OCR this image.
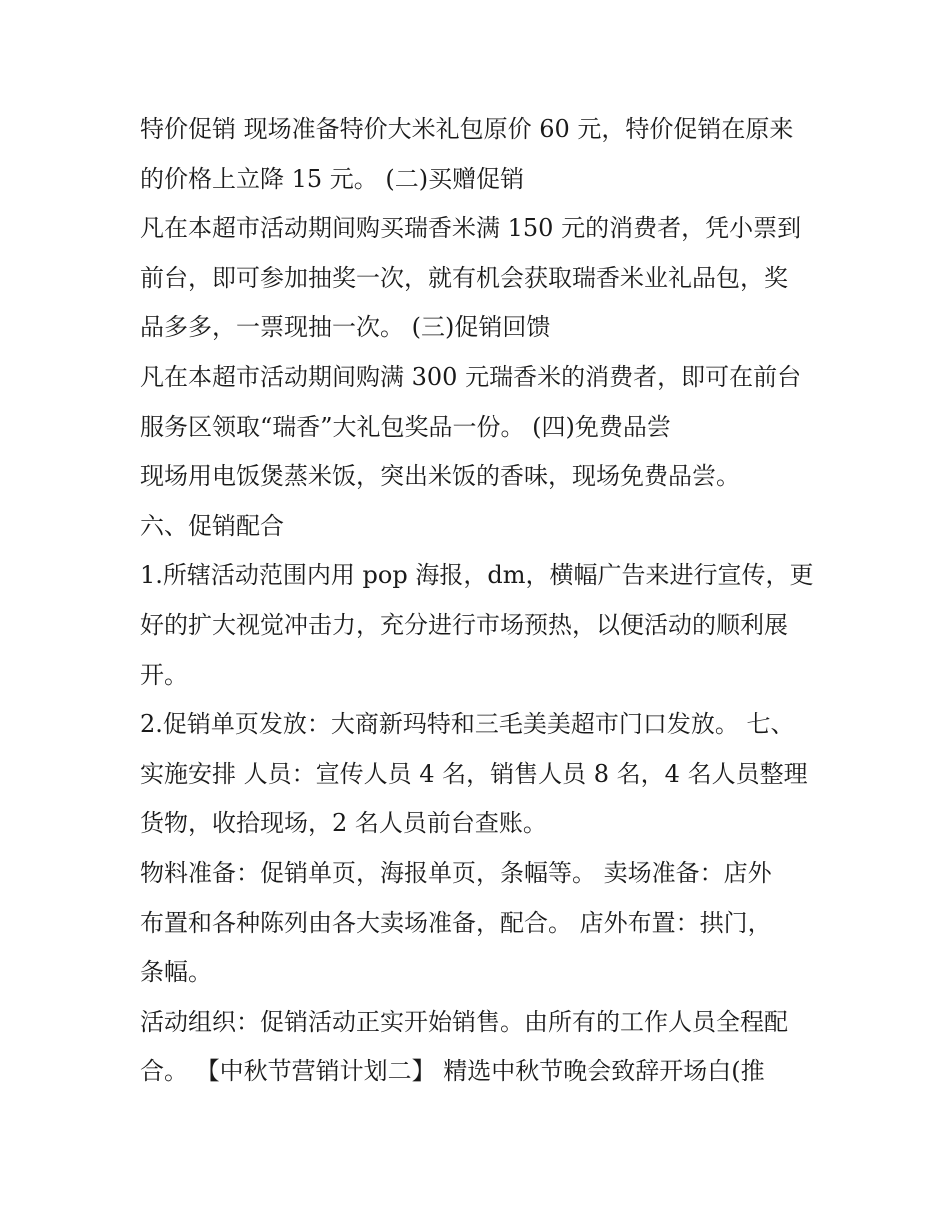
特价促销 现场准备特价大米礼包原价 60 元，特价促销在原来
的价格上立降 15 元。 (二)买赠促销
凡在本超市活动期间购买瑞香米满 150 元的消费者，凭小票到
前台，即可参加抽奖一次，就有机会获取瑞香米业礼品包，奖
品多多，一票现抽一次。 (三)促销回馈
凡在本超市活动期间购满 300 元瑞香米的消费者，即可在前台
服务区领取“瑞香”大礼包奖品一份。 (四)免费品尝
现场用电饭煲蒸米饭，突出米饭的香味，现场免费品尝。
六、促销配合
1.所辖活动范围内用 pop 海报，dm，横幅广告来进行宣传，更
好的扩大视觉冲击力，充分进行市场预热，以便活动的顺利展
开。
2.促销单页发放：大商新玛特和三毛美美超市门口发放。 七、
实施安排 人员：宣传人员 4 名，销售人员 8 名，4 名人员整理
货物，收拾现场，2 名人员前台查账。
物料准备：促销单页，海报单页，条幅等。 卖场准备：店外
布置和各种陈列由各大卖场准备，配合。 店外布置：拱门，
条幅。
活动组织：促销活动正实开始销售。由所有的工作人员全程配
合。 【中秋节营销计划二】 精选中秋节晚会致辞开场白(推
